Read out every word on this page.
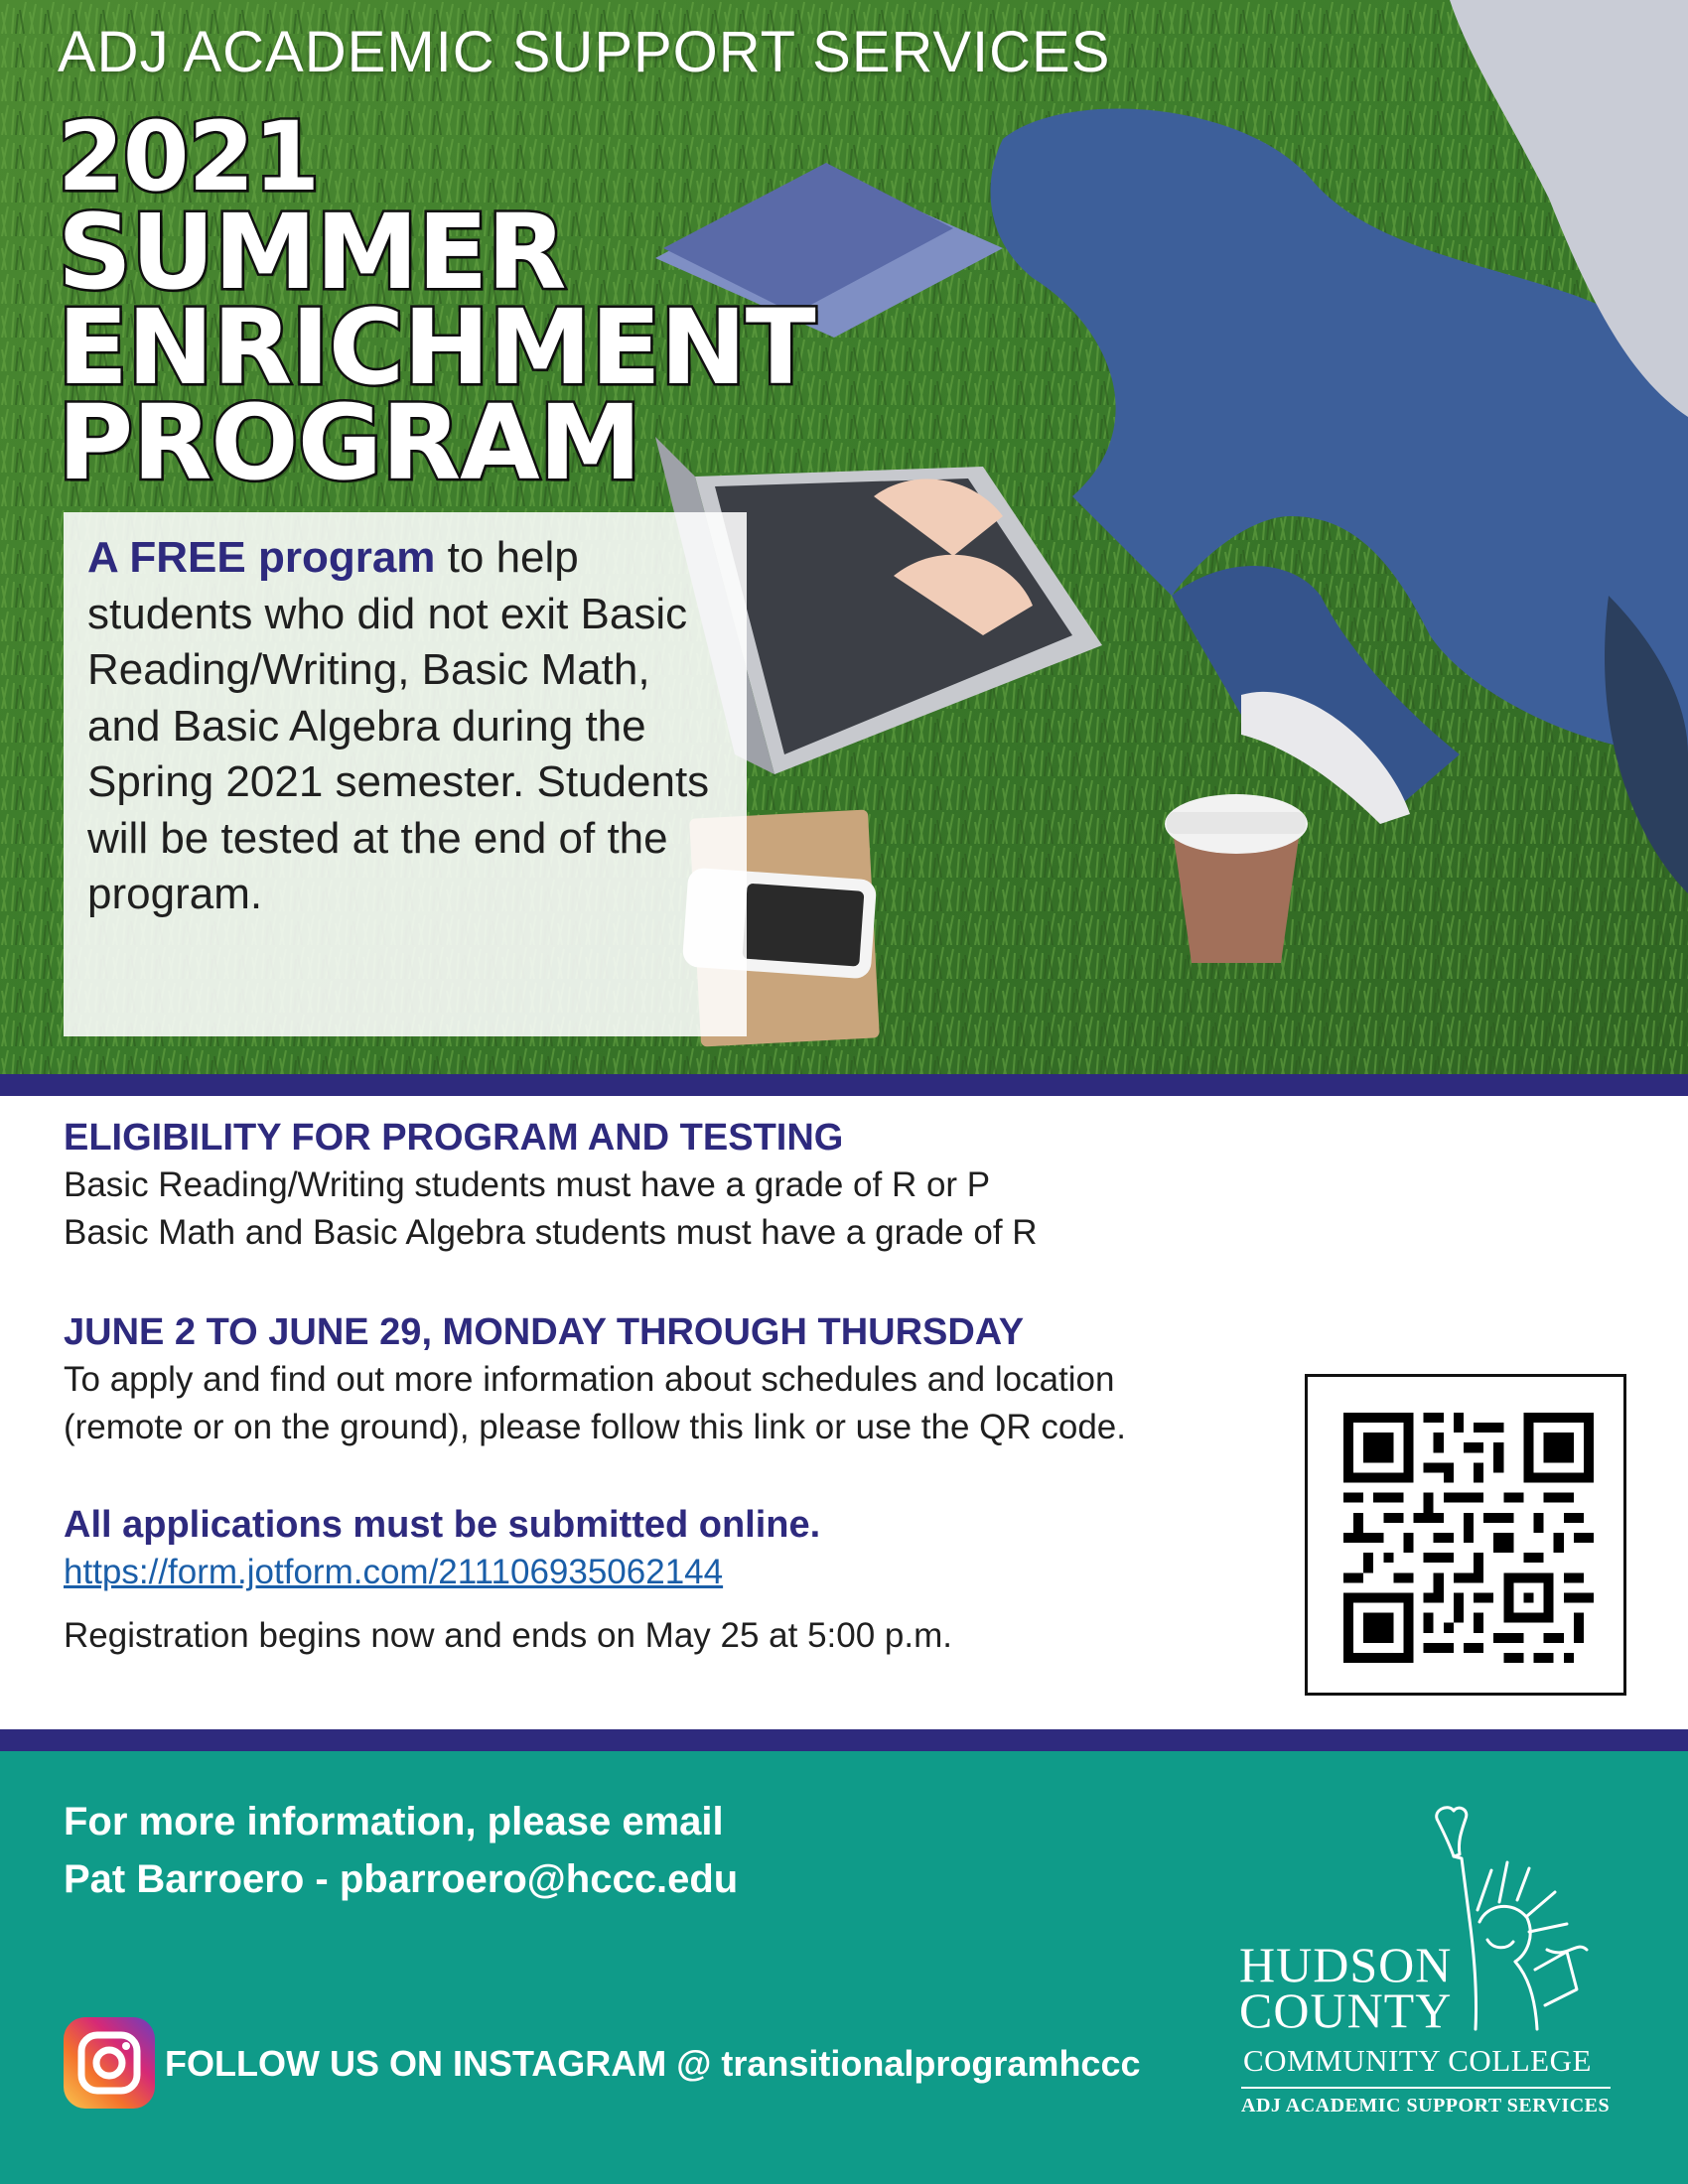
ADJ ACADEMIC SUPPORT SERVICES
2021
SUMMER
ENRICHMENT
PROGRAM

A FREE program to help students who did not exit Basic Reading/Writing, Basic Math, and Basic Algebra during the Spring 2021 semester. Students will be tested at the end of the program.

ELIGIBILITY FOR PROGRAM AND TESTING
Basic Reading/Writing students must have a grade of R or P
Basic Math and Basic Algebra students must have a grade of R
JUNE 2 TO JUNE 29, MONDAY THROUGH THURSDAY
To apply and find out more information about schedules and location
(remote or on the ground), please follow this link or use the QR code.
All applications must be submitted online.
https://form.jotform.com/211106935062144
Registration begins now and ends on May 25 at 5:00 p.m.
For more information, please email
Pat Barroero - pbarroero@hccc.edu
FOLLOW US ON INSTAGRAM @ transitionalprogramhccc
HUDSON
COUNTY
COMMUNITY COLLEGE
ADJ ACADEMIC SUPPORT SERVICES
